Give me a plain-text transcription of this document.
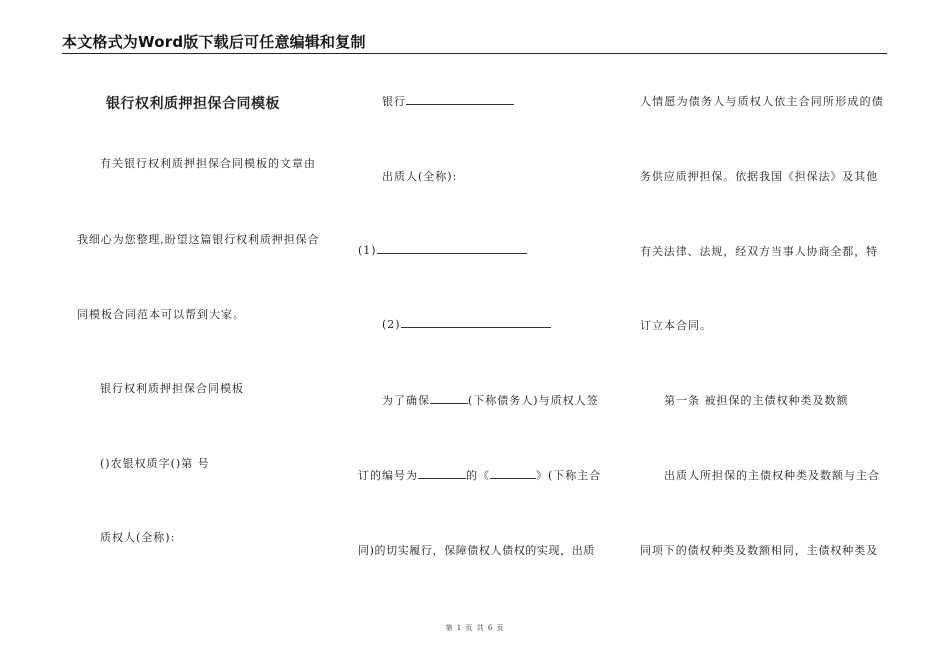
本文格式为Word版下载后可任意编辑和复制
银行权利质押担保合同模板
有关银行权利质押担保合同模板的文章由
我细心为您整理,盼望这篇银行权利质押担保合
同模板合同范本可以帮到大家。
银行权利质押担保合同模板
()农银权质字()第 号
质权人(全称):
银行
出质人(全称):
(1)
(2)
为了确保	(下称债务人)与质权人签
订的编号为	的《	》(下称主合
同)的切实履行，保障债权人债权的实现，出质
人情愿为债务人与质权人依主合同所形成的债
务供应质押担保。依据我国《担保法》及其他
有关法律、法规，经双方当事人协商全都，特
订立本合同。
第一条 被担保的主债权种类及数额
出质人所担保的主债权种类及数额与主合
同项下的债权种类及数额相同，主债权种类及
第 1 页 共 6 页
